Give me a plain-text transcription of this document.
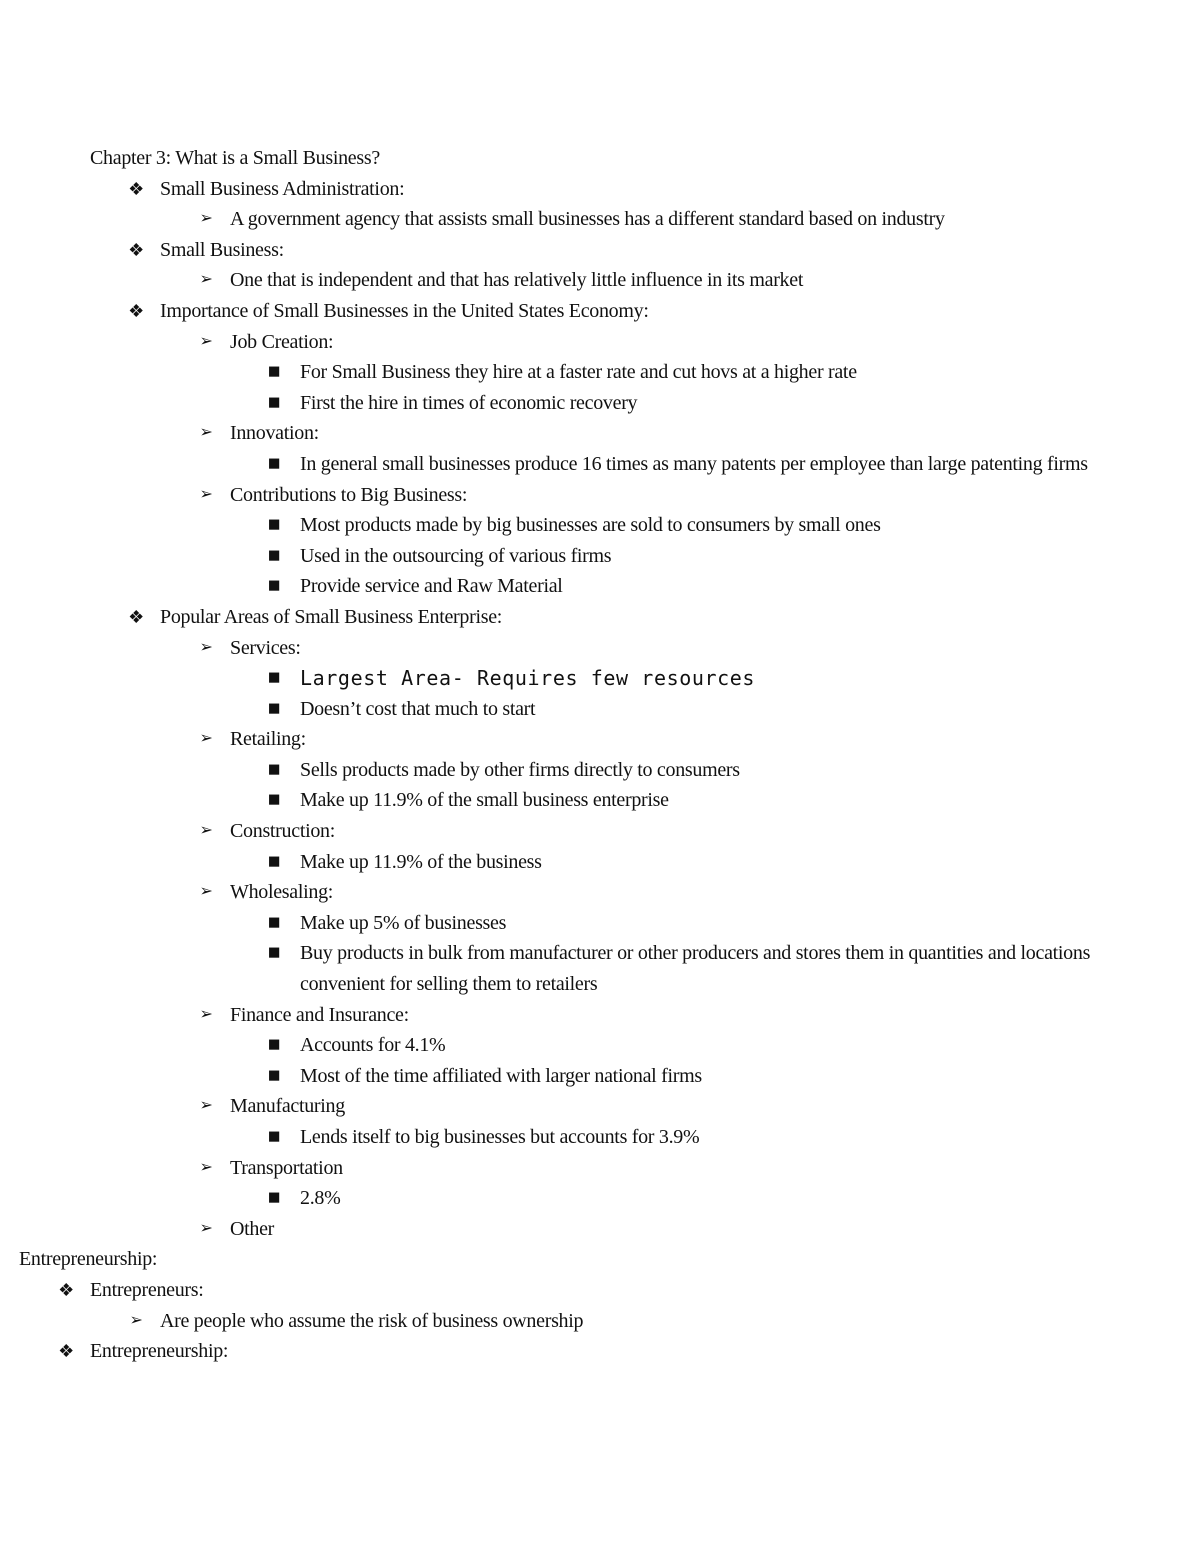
Chapter 3: What is a Small Business?
❖ Small Business Administration:
➢ A government agency that assists small businesses has a different standard based on industry
❖ Small Business:
➢ One that is independent and that has relatively little influence in its market
❖ Importance of Small Businesses in the United States Economy:
➢ Job Creation:
■ For Small Business they hire at a faster rate and cut hovs at a higher rate
■ First the hire in times of economic recovery
➢ Innovation:
■ In general small businesses produce 16 times as many patents per employee than large patenting firms
➢ Contributions to Big Business:
■ Most products made by big businesses are sold to consumers by small ones
■ Used in the outsourcing of various firms
■ Provide service and Raw Material
❖ Popular Areas of Small Business Enterprise:
➢ Services:
■ Largest Area- Requires few resources
■ Doesn’t cost that much to start
➢ Retailing:
■ Sells products made by other firms directly to consumers
■ Make up 11.9% of the small business enterprise
➢ Construction:
■ Make up 11.9% of the business
➢ Wholesaling:
■ Make up 5% of businesses
■ Buy products in bulk from manufacturer or other producers and stores them in quantities and locations convenient for selling them to retailers
➢ Finance and Insurance:
■ Accounts for 4.1%
■ Most of the time affiliated with larger national firms
➢ Manufacturing
■ Lends itself to big businesses but accounts for 3.9%
➢ Transportation
■ 2.8%
➢ Other
Entrepreneurship:
❖ Entrepreneurs:
➢ Are people who assume the risk of business ownership
❖ Entrepreneurship:
